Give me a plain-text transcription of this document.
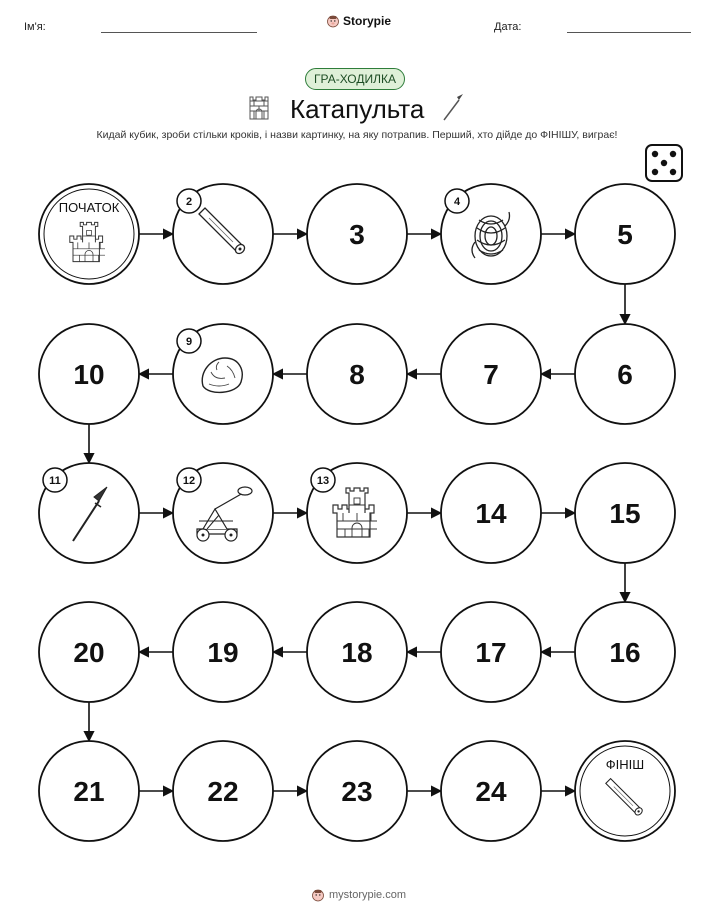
Ім'я:	Storypie	Дата:
ГРА-ХОДИЛКА
Катапульта
Кидай кубик, зроби стільки кроків, і назви картинку, на яку потрапив. Перший, хто дійде до ФІНІШУ, виграє!
ПОЧАТОК	2
3
4
5
6
7
8
9
10
11	12	13
14	15
16
17
18
19
20
21	22	23	24
ФІНІШ
mystorypie.com
